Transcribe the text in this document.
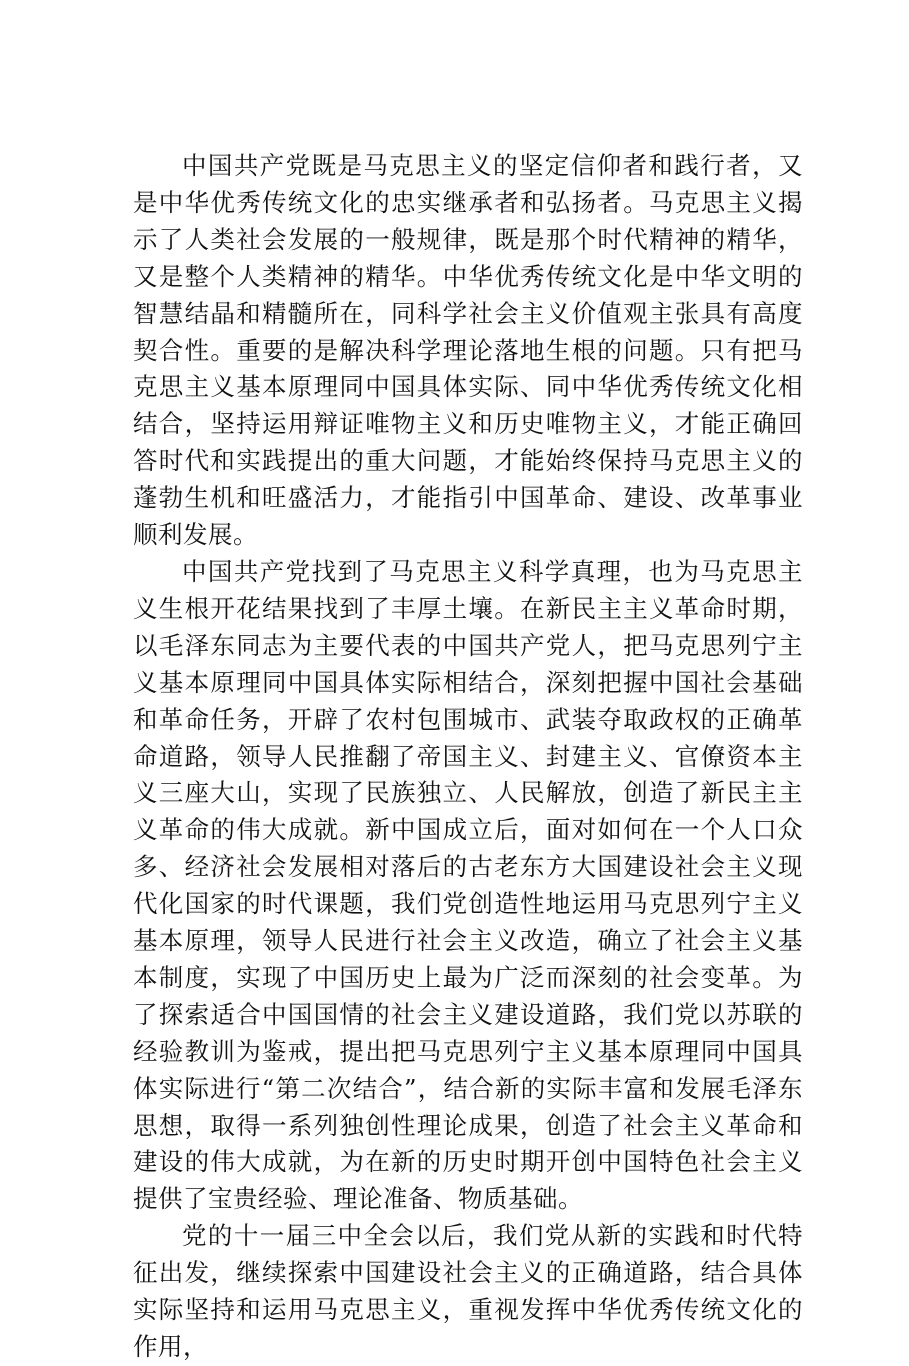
中国共产党既是马克思主义的坚定信仰者和践行者，又是中华优秀传统文化的忠实继承者和弘扬者。马克思主义揭示了人类社会发展的一般规律，既是那个时代精神的精华，又是整个人类精神的精华。中华优秀传统文化是中华文明的智慧结晶和精髓所在，同科学社会主义价值观主张具有高度契合性。重要的是解决科学理论落地生根的问题。只有把马克思主义基本原理同中国具体实际、同中华优秀传统文化相结合，坚持运用辩证唯物主义和历史唯物主义，才能正确回答时代和实践提出的重大问题，才能始终保持马克思主义的蓬勃生机和旺盛活力，才能指引中国革命、建设、改革事业顺利发展。

中国共产党找到了马克思主义科学真理，也为马克思主义生根开花结果找到了丰厚土壤。在新民主主义革命时期，以毛泽东同志为主要代表的中国共产党人，把马克思列宁主义基本原理同中国具体实际相结合，深刻把握中国社会基础和革命任务，开辟了农村包围城市、武装夺取政权的正确革命道路，领导人民推翻了帝国主义、封建主义、官僚资本主义三座大山，实现了民族独立、人民解放，创造了新民主主义革命的伟大成就。新中国成立后，面对如何在一个人口众多、经济社会发展相对落后的古老东方大国建设社会主义现代化国家的时代课题，我们党创造性地运用马克思列宁主义基本原理，领导人民进行社会主义改造，确立了社会主义基本制度，实现了中国历史上最为广泛而深刻的社会变革。为了探索适合中国国情的社会主义建设道路，我们党以苏联的经验教训为鉴戒，提出把马克思列宁主义基本原理同中国具体实际进行“第二次结合”，结合新的实际丰富和发展毛泽东思想，取得一系列独创性理论成果，创造了社会主义革命和建设的伟大成就，为在新的历史时期开创中国特色社会主义提供了宝贵经验、理论准备、物质基础。

党的十一届三中全会以后，我们党从新的实践和时代特征出发，继续探索中国建设社会主义的正确道路，结合具体实际坚持和运用马克思主义，重视发挥中华优秀传统文化的作用，
